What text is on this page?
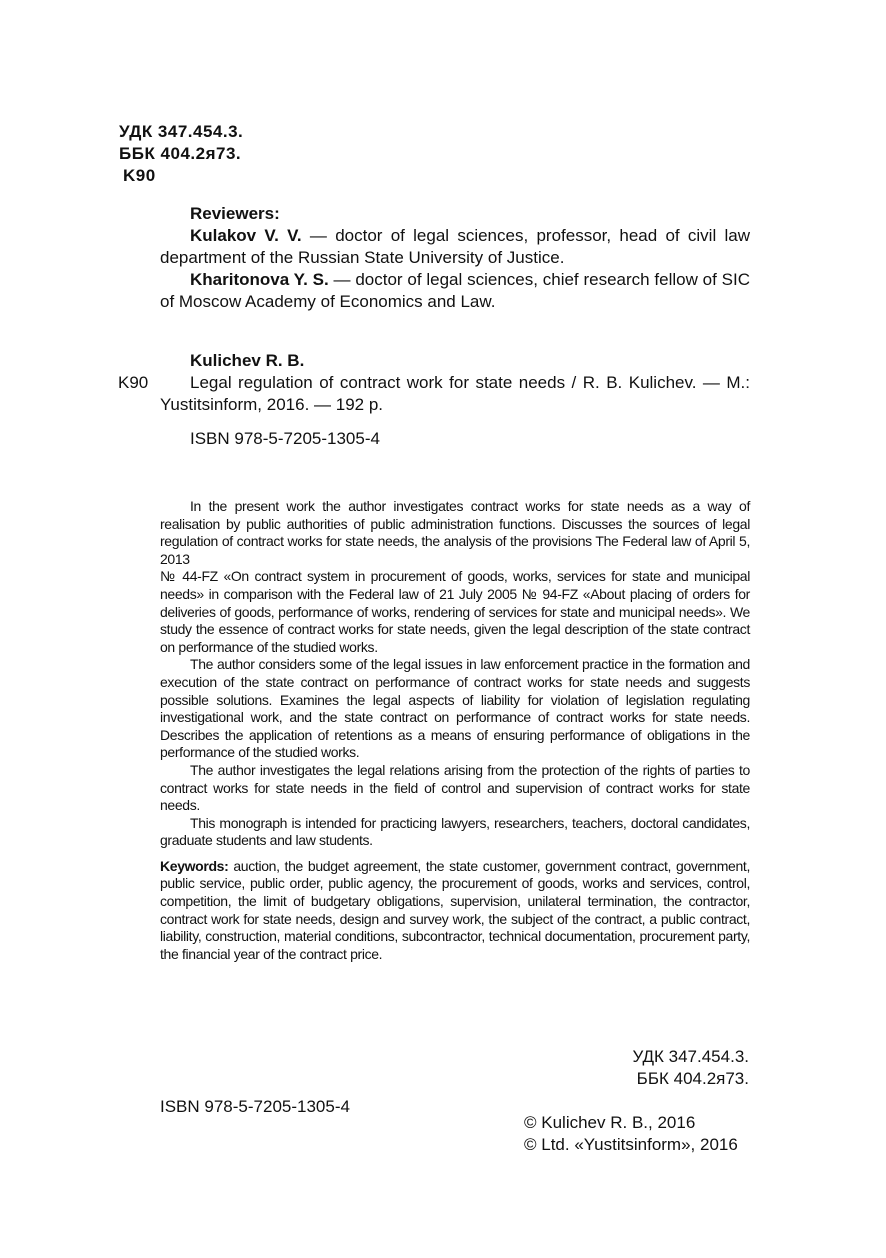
УДК 347.454.3.
ББК 404.2я73.
K90

Reviewers:

Kulakov V. V. — doctor of legal sciences, professor, head of civil law department of the Russian State University of Justice.

Kharitonova Y. S. — doctor of legal sciences, chief research fellow of SIC of Moscow Academy of Economics and Law.

Kulichev R. B.
K90	Legal regulation of contract work for state needs / R. B. Kulichev. — M.: Yustitsinform, 2016. — 192 p.
ISBN 978-5-7205-1305-4

In the present work the author investigates contract works for state needs as a way of realisation by public authorities of public administration functions. Discusses the sources of legal regulation of contract works for state needs, the analysis of the provisions The Federal law of April 5, 2013

№ 44-FZ «On contract system in procurement of goods, works, services for state and municipal needs» in comparison with the Federal law of 21 July 2005 № 94-FZ «About placing of orders for deliveries of goods, performance of works, rendering of services for state and municipal needs». We study the essence of contract works for state needs, given the legal description of the state contract on performance of the studied works.

The author considers some of the legal issues in law enforcement practice in the formation and execution of the state contract on performance of contract works for state needs and suggests possible solutions. Examines the legal aspects of liability for violation of legislation regulating investigational work, and the state contract on performance of contract works for state needs. Describes the application of retentions as a means of ensuring performance of obligations in the performance of the studied works.

The author investigates the legal relations arising from the protection of the rights of parties to contract works for state needs in the field of control and supervision of contract works for state needs.

This monograph is intended for practicing lawyers, researchers, teachers, doctoral candidates, graduate students and law students.

Keywords: auction, the budget agreement, the state customer, government contract, government, public service, public order, public agency, the procurement of goods, works and services, control, competition, the limit of budgetary obligations, supervision, unilateral termination, the contractor, contract work for state needs, design and survey work, the subject of the contract, a public contract, liability, construction, material conditions, subcontractor, technical documentation, procurement party, the financial year of the contract price.

УДК 347.454.3.
ББК 404.2я73.
ISBN 978-5-7205-1305-4
© Kulichev R. B., 2016
© Ltd. «Yustitsinform», 2016
